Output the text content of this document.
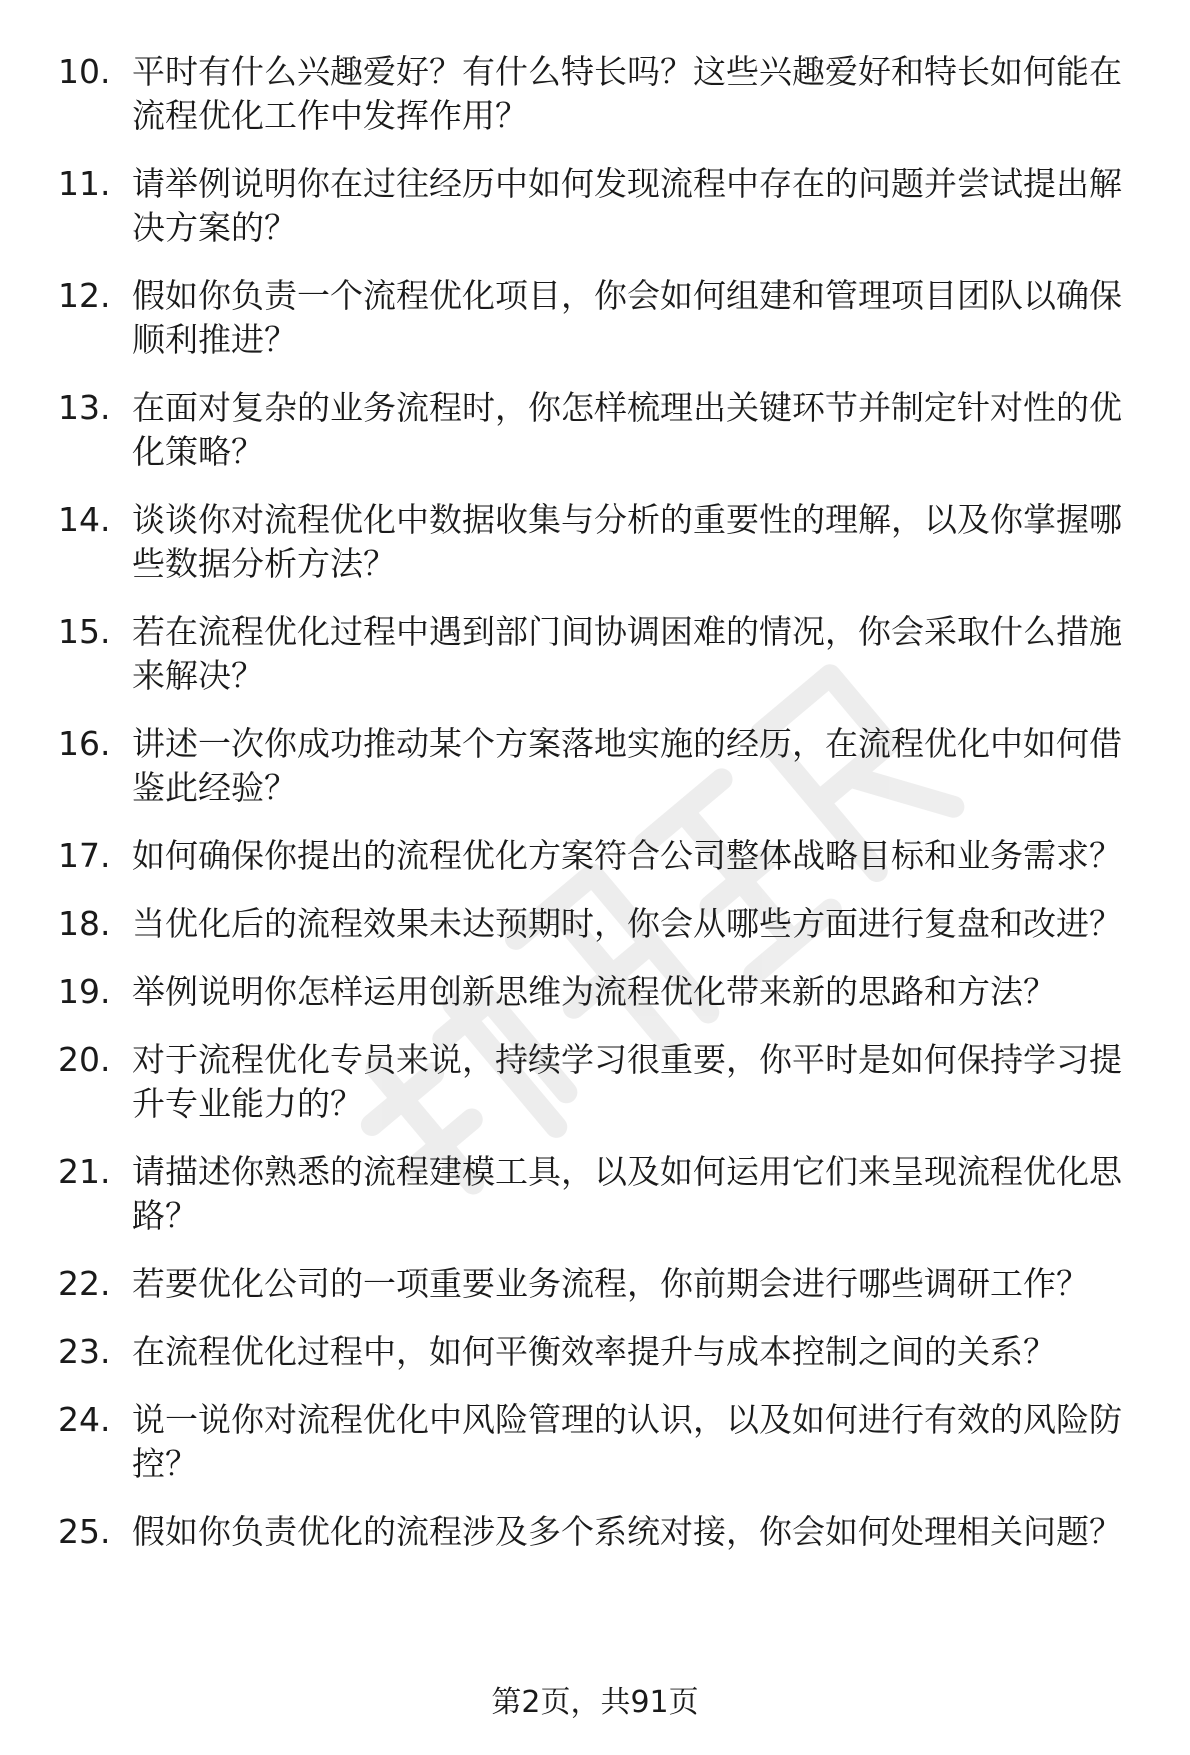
10. 平时有什么兴趣爱好？有什么特长吗？这些兴趣爱好和特长如何能在流程优化工作中发挥作用？
11. 请举例说明你在过往经历中如何发现流程中存在的问题并尝试提出解决方案的？
12. 假如你负责一个流程优化项目，你会如何组建和管理项目团队以确保顺利推进？
13. 在面对复杂的业务流程时，你怎样梳理出关键环节并制定针对性的优化策略？
14. 谈谈你对流程优化中数据收集与分析的重要性的理解，以及你掌握哪些数据分析方法？
15. 若在流程优化过程中遇到部门间协调困难的情况，你会采取什么措施来解决？
16. 讲述一次你成功推动某个方案落地实施的经历，在流程优化中如何借鉴此经验？
17. 如何确保你提出的流程优化方案符合公司整体战略目标和业务需求？
18. 当优化后的流程效果未达预期时，你会从哪些方面进行复盘和改进？
19. 举例说明你怎样运用创新思维为流程优化带来新的思路和方法？
20. 对于流程优化专员来说，持续学习很重要，你平时是如何保持学习提升专业能力的？
21. 请描述你熟悉的流程建模工具，以及如何运用它们来呈现流程优化思路？
22. 若要优化公司的一项重要业务流程，你前期会进行哪些调研工作？
23. 在流程优化过程中，如何平衡效率提升与成本控制之间的关系？
24. 说一说你对流程优化中风险管理的认识，以及如何进行有效的风险防控？
25. 假如你负责优化的流程涉及多个系统对接，你会如何处理相关问题？
第2页，共91页
